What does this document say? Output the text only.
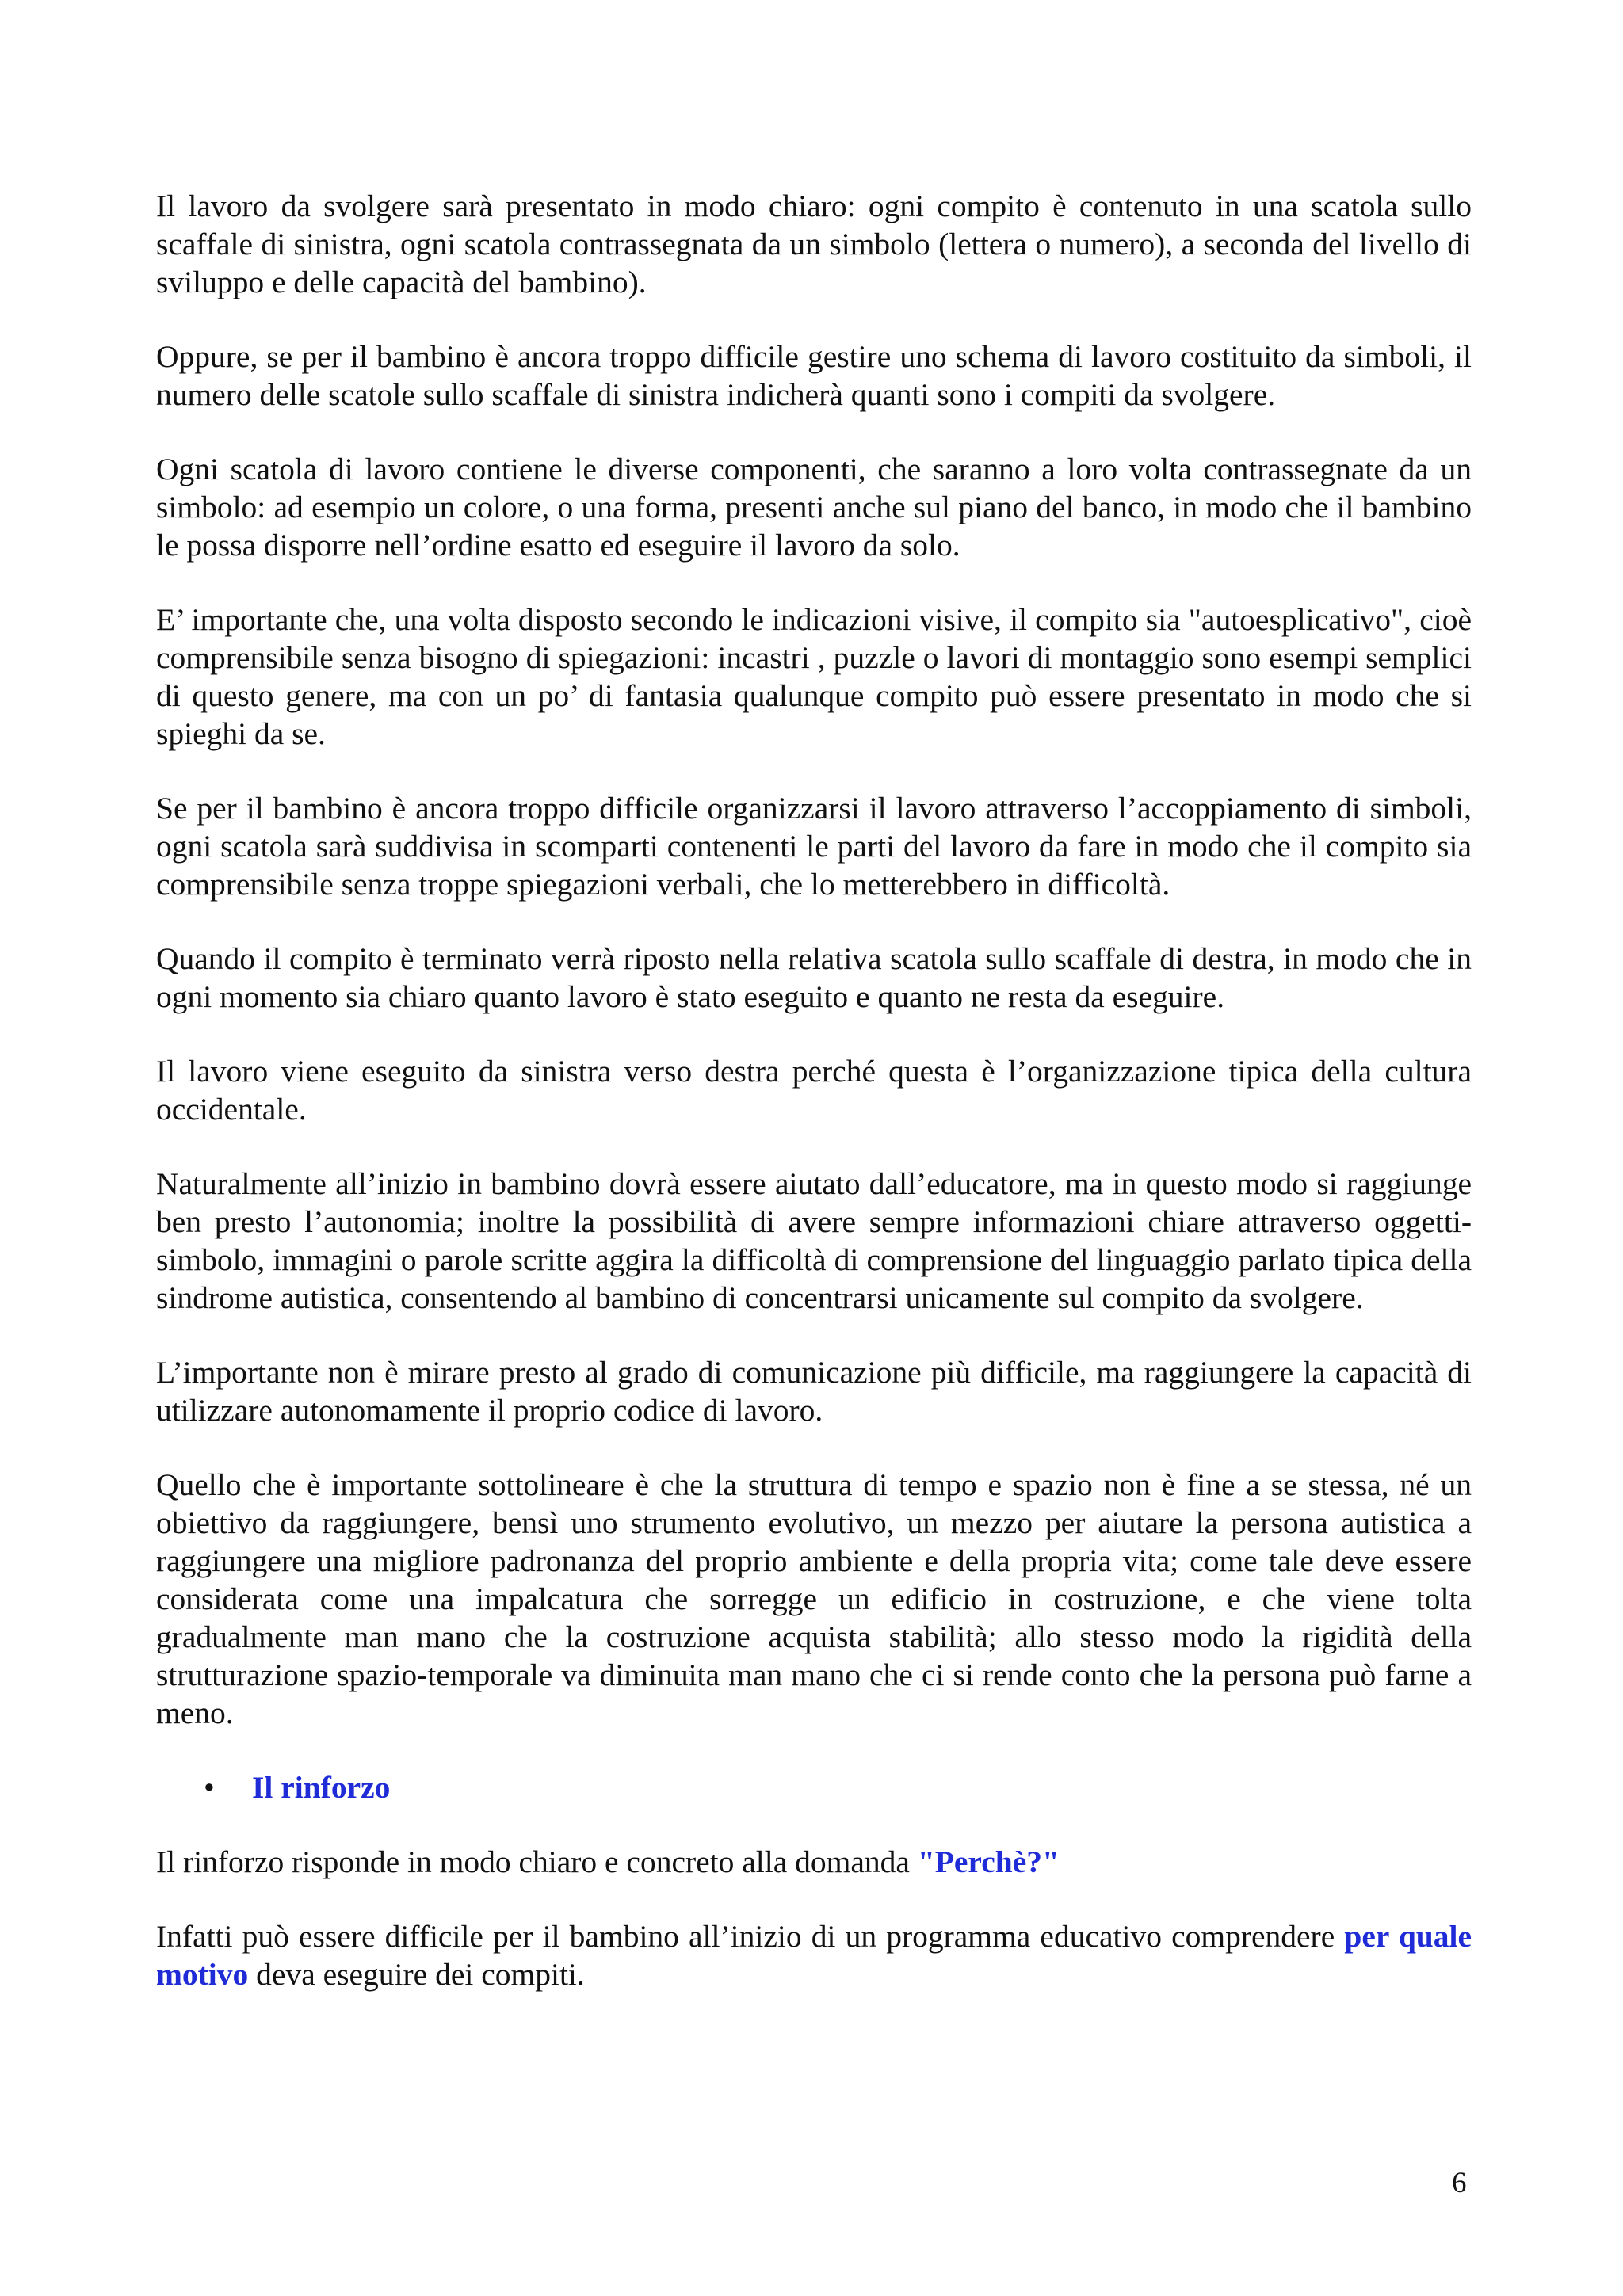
Il lavoro da svolgere sarà presentato in modo chiaro: ogni compito è contenuto in una scatola sullo scaffale di sinistra, ogni scatola contrassegnata da un simbolo (lettera o numero), a seconda del livello di sviluppo e delle capacità del bambino).

Oppure, se per il bambino è ancora troppo difficile gestire uno schema di lavoro costituito da simboli, il numero delle scatole sullo scaffale di sinistra indicherà quanti sono i compiti da svolgere.

Ogni scatola di lavoro contiene le diverse componenti, che saranno a loro volta contrassegnate da un simbolo: ad esempio un colore, o una forma, presenti anche sul piano del banco, in modo che il bambino le possa disporre nell’ordine esatto ed eseguire il lavoro da solo.

E’ importante che, una volta disposto secondo le indicazioni visive, il compito sia "autoesplicativo", cioè comprensibile senza bisogno di spiegazioni: incastri , puzzle o lavori di montaggio sono esempi semplici di questo genere, ma con un po’ di fantasia qualunque compito può essere presentato in modo che si spieghi da se.

Se per il bambino è ancora troppo difficile organizzarsi il lavoro attraverso l’accoppiamento di simboli, ogni scatola sarà suddivisa in scomparti contenenti le parti del lavoro da fare in modo che il compito sia comprensibile senza troppe spiegazioni verbali, che lo metterebbero in difficoltà.

Quando il compito è terminato verrà riposto nella relativa scatola sullo scaffale di destra, in modo che in ogni momento sia chiaro quanto lavoro è stato eseguito e quanto ne resta da eseguire.

Il lavoro viene eseguito da sinistra verso destra perché questa è l’organizzazione tipica della cultura occidentale.

Naturalmente all’inizio in bambino dovrà essere aiutato dall’educatore, ma in questo modo si raggiunge ben presto l’autonomia; inoltre la possibilità di avere sempre informazioni chiare attraverso oggetti-simbolo, immagini o parole scritte aggira la difficoltà di comprensione del linguaggio parlato tipica della sindrome autistica, consentendo al bambino di concentrarsi unicamente sul compito da svolgere.

L’importante non è mirare presto al grado di comunicazione più difficile, ma raggiungere la capacità di utilizzare autonomamente il proprio codice di lavoro.

Quello che è importante sottolineare è che la struttura di tempo e spazio non è fine a se stessa, né un obiettivo da raggiungere, bensì uno strumento evolutivo, un mezzo per aiutare la persona autistica a raggiungere una migliore padronanza del proprio ambiente e della propria vita; come tale deve essere considerata come una impalcatura che sorregge un edificio in costruzione, e che viene tolta gradualmente man mano che la costruzione acquista stabilità; allo stesso modo la rigidità della strutturazione spazio-temporale va diminuita man mano che ci si rende conto che la persona può farne a meno.

•	Il rinforzo

Il rinforzo risponde in modo chiaro e concreto alla domanda "Perchè?"

Infatti può essere difficile per il bambino all’inizio di un programma educativo comprendere per quale motivo deva eseguire dei compiti.

6
